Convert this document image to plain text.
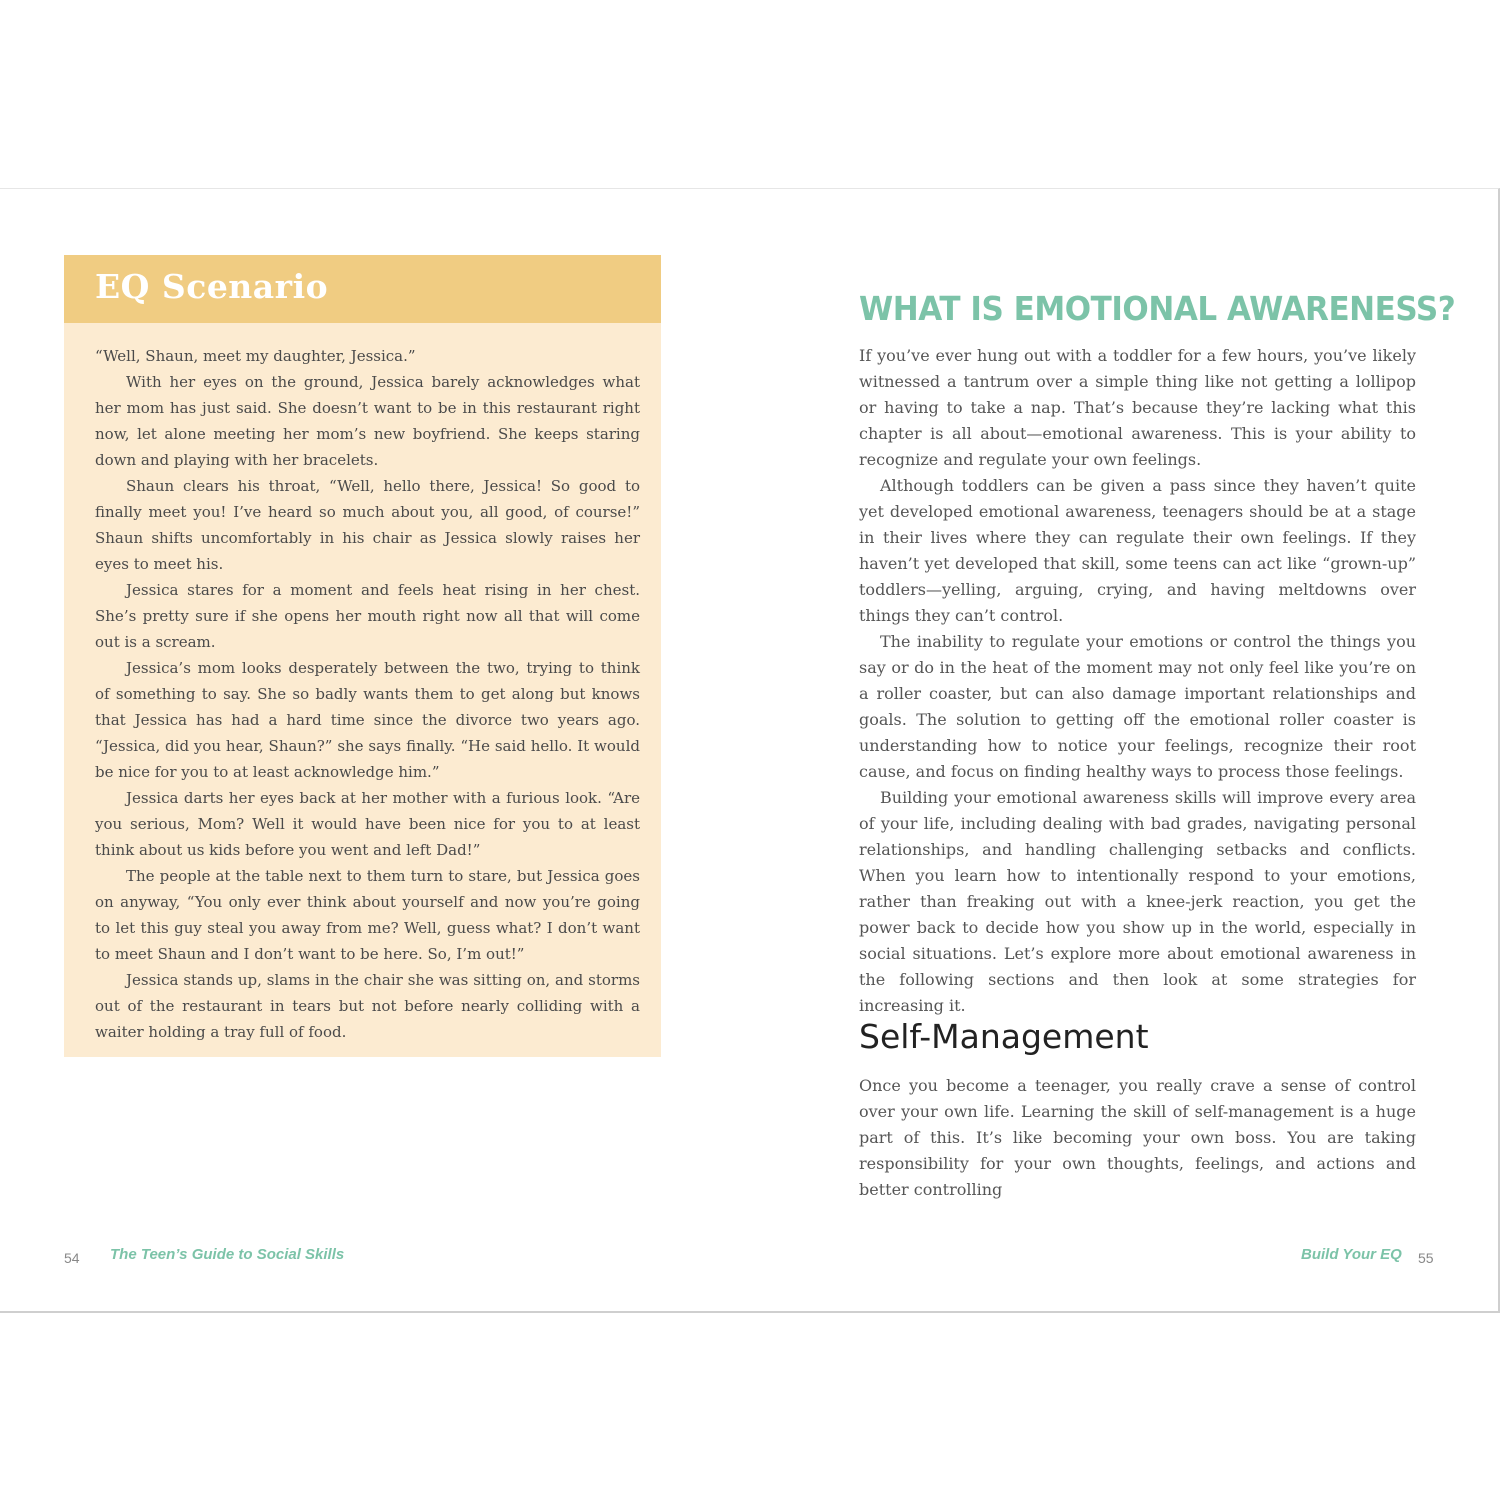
EQ Scenario

“Well, Shaun, meet my daughter, Jessica.”

With her eyes on the ground, Jessica barely acknowledges what her mom has just said. She doesn’t want to be in this restaurant right now, let alone meeting her mom’s new boyfriend. She keeps staring down and playing with her bracelets.

Shaun clears his throat, “Well, hello there, Jessica! So good to finally meet you! I’ve heard so much about you, all good, of course!” Shaun shifts uncomfortably in his chair as Jessica slowly raises her eyes to meet his.

Jessica stares for a moment and feels heat rising in her chest. She’s pretty sure if she opens her mouth right now all that will come out is a scream.

Jessica’s mom looks desperately between the two, trying to think of something to say. She so badly wants them to get along but knows that Jessica has had a hard time since the divorce two years ago. “Jessica, did you hear, Shaun?” she says finally. “He said hello. It would be nice for you to at least acknowledge him.”

Jessica darts her eyes back at her mother with a furious look. “Are you serious, Mom? Well it would have been nice for you to at least think about us kids before you went and left Dad!”

The people at the table next to them turn to stare, but Jessica goes on anyway, “You only ever think about yourself and now you’re going to let this guy steal you away from me? Well, guess what? I don’t want to meet Shaun and I don’t want to be here. So, I’m out!”

Jessica stands up, slams in the chair she was sitting on, and storms out of the restaurant in tears but not before nearly colliding with a waiter holding a tray full of food.

54 The Teen’s Guide to Social Skills
WHAT IS EMOTIONAL AWARENESS?

If you’ve ever hung out with a toddler for a few hours, you’ve likely witnessed a tantrum over a simple thing like not getting a lollipop or having to take a nap. That’s because they’re lacking what this chapter is all about—emotional awareness. This is your ability to recognize and regulate your own feelings.

Although toddlers can be given a pass since they haven’t quite yet developed emotional awareness, teenagers should be at a stage in their lives where they can regulate their own feelings. If they haven’t yet developed that skill, some teens can act like “grown-up” toddlers—yelling, arguing, crying, and having meltdowns over things they can’t control.

The inability to regulate your emotions or control the things you say or do in the heat of the moment may not only feel like you’re on a roller coaster, but can also damage important relationships and goals. The solution to getting off the emotional roller coaster is understanding how to notice your feelings, recognize their root cause, and focus on finding healthy ways to process those feelings.

Building your emotional awareness skills will improve every area of your life, including dealing with bad grades, navigating personal relationships, and handling challenging setbacks and conflicts. When you learn how to intentionally respond to your emotions, rather than freaking out with a knee-jerk reaction, you get the power back to decide how you show up in the world, especially in social situations. Let’s explore more about emotional awareness in the following sections and then look at some strategies for increasing it.

Self-Management

Once you become a teenager, you really crave a sense of control over your own life. Learning the skill of self-management is a huge part of this. It’s like becoming your own boss. You are taking responsibility for your own thoughts, feelings, and actions and better controlling

Build Your EQ 55
